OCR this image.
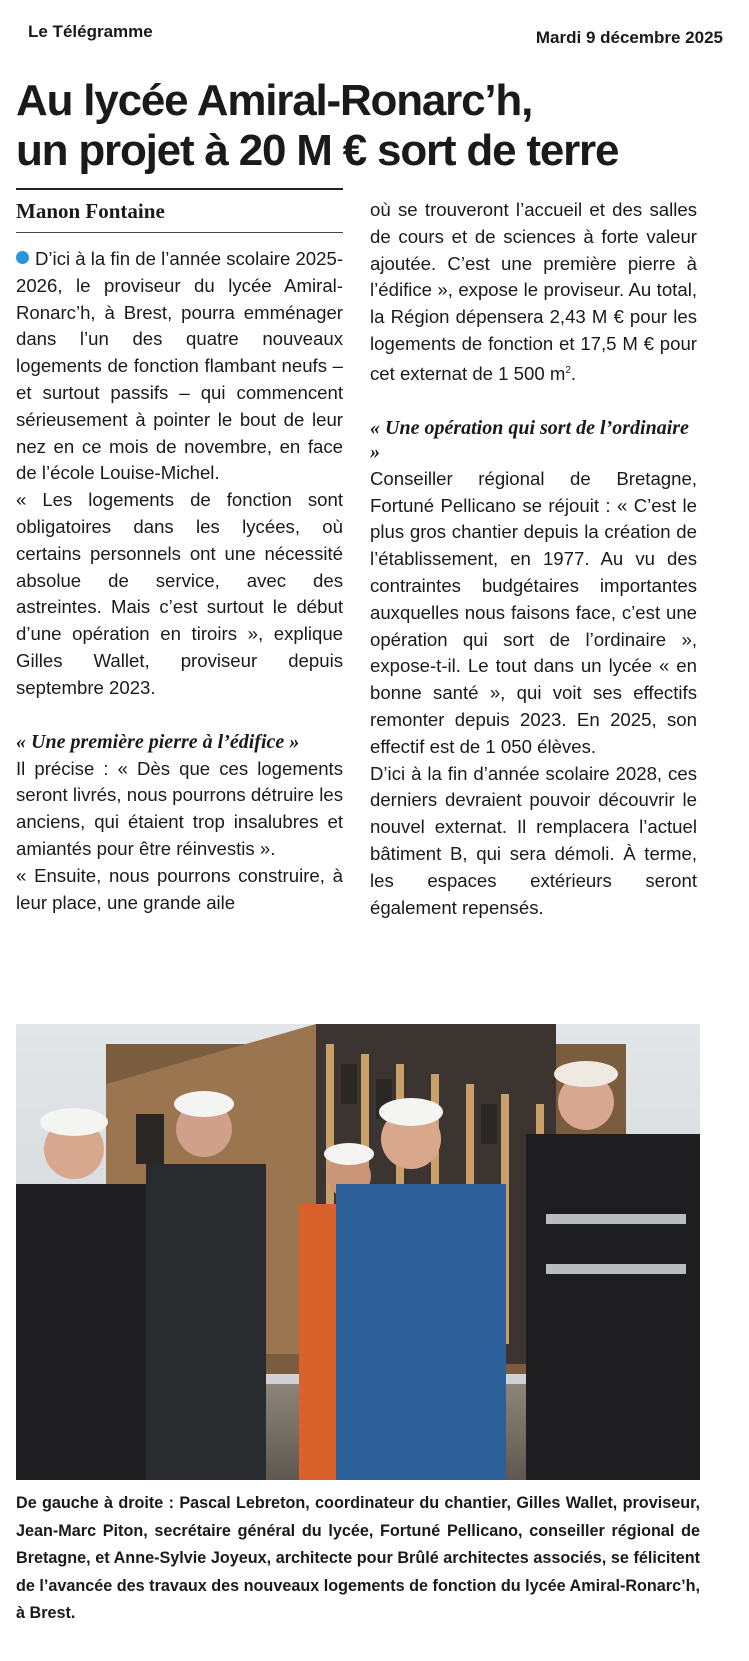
Le Télégramme	Mardi 9 décembre 2025
Au lycée Amiral-Ronarc’h,
un projet à 20 M € sort de terre
Manon Fontaine

D’ici à la fin de l’année scolaire 2025-2026, le proviseur du lycée Amiral-Ronarc’h, à Brest, pourra emménager dans l’un des quatre nouveaux logements de fonction flambant neufs – et surtout passifs – qui commencent sérieusement à pointer le bout de leur nez en ce mois de novembre, en face de l’école Louise-Michel.

« Les logements de fonction sont obligatoires dans les lycées, où certains personnels ont une nécessité absolue de service, avec des astreintes. Mais c’est surtout le début d’une opération en tiroirs », explique Gilles Wallet, proviseur depuis septembre 2023.

« Une première pierre à l’édifice »

Il précise : « Dès que ces logements seront livrés, nous pourrons détruire les anciens, qui étaient trop insalubres et amiantés pour être réinvestis ».

« Ensuite, nous pourrons construire, à leur place, une grande aile

où se trouveront l’accueil et des salles de cours et de sciences à forte valeur ajoutée. C’est une première pierre à l’édifice », expose le proviseur. Au total, la Région dépensera 2,43 M € pour les logements de fonction et 17,5 M € pour cet externat de 1 500 $m^2$.

« Une opération qui sort de l’ordinaire »

Conseiller régional de Bretagne, Fortuné Pellicano se réjouit : « C’est le plus gros chantier depuis la création de l’établissement, en 1977. Au vu des contraintes budgétaires importantes auxquelles nous faisons face, c’est une opération qui sort de l’ordinaire », expose-t-il. Le tout dans un lycée « en bonne santé », qui voit ses effectifs remonter depuis 2023. En 2025, son effectif est de 1 050 élèves.

D’ici à la fin d’année scolaire 2028, ces derniers devraient pouvoir découvrir le nouvel externat. Il remplacera l’actuel bâtiment B, qui sera démoli. À terme, les espaces extérieurs seront également repensés.

De gauche à droite : Pascal Lebreton, coordinateur du chantier, Gilles Wallet, proviseur, Jean-Marc Piton, secrétaire général du lycée, Fortuné Pellicano, conseiller régional de Bretagne, et Anne-Sylvie Joyeux, architecte pour Brûlé architectes associés, se félicitent de l’avancée des travaux des nouveaux logements de fonction du lycée Amiral-Ronarc’h, à Brest.
